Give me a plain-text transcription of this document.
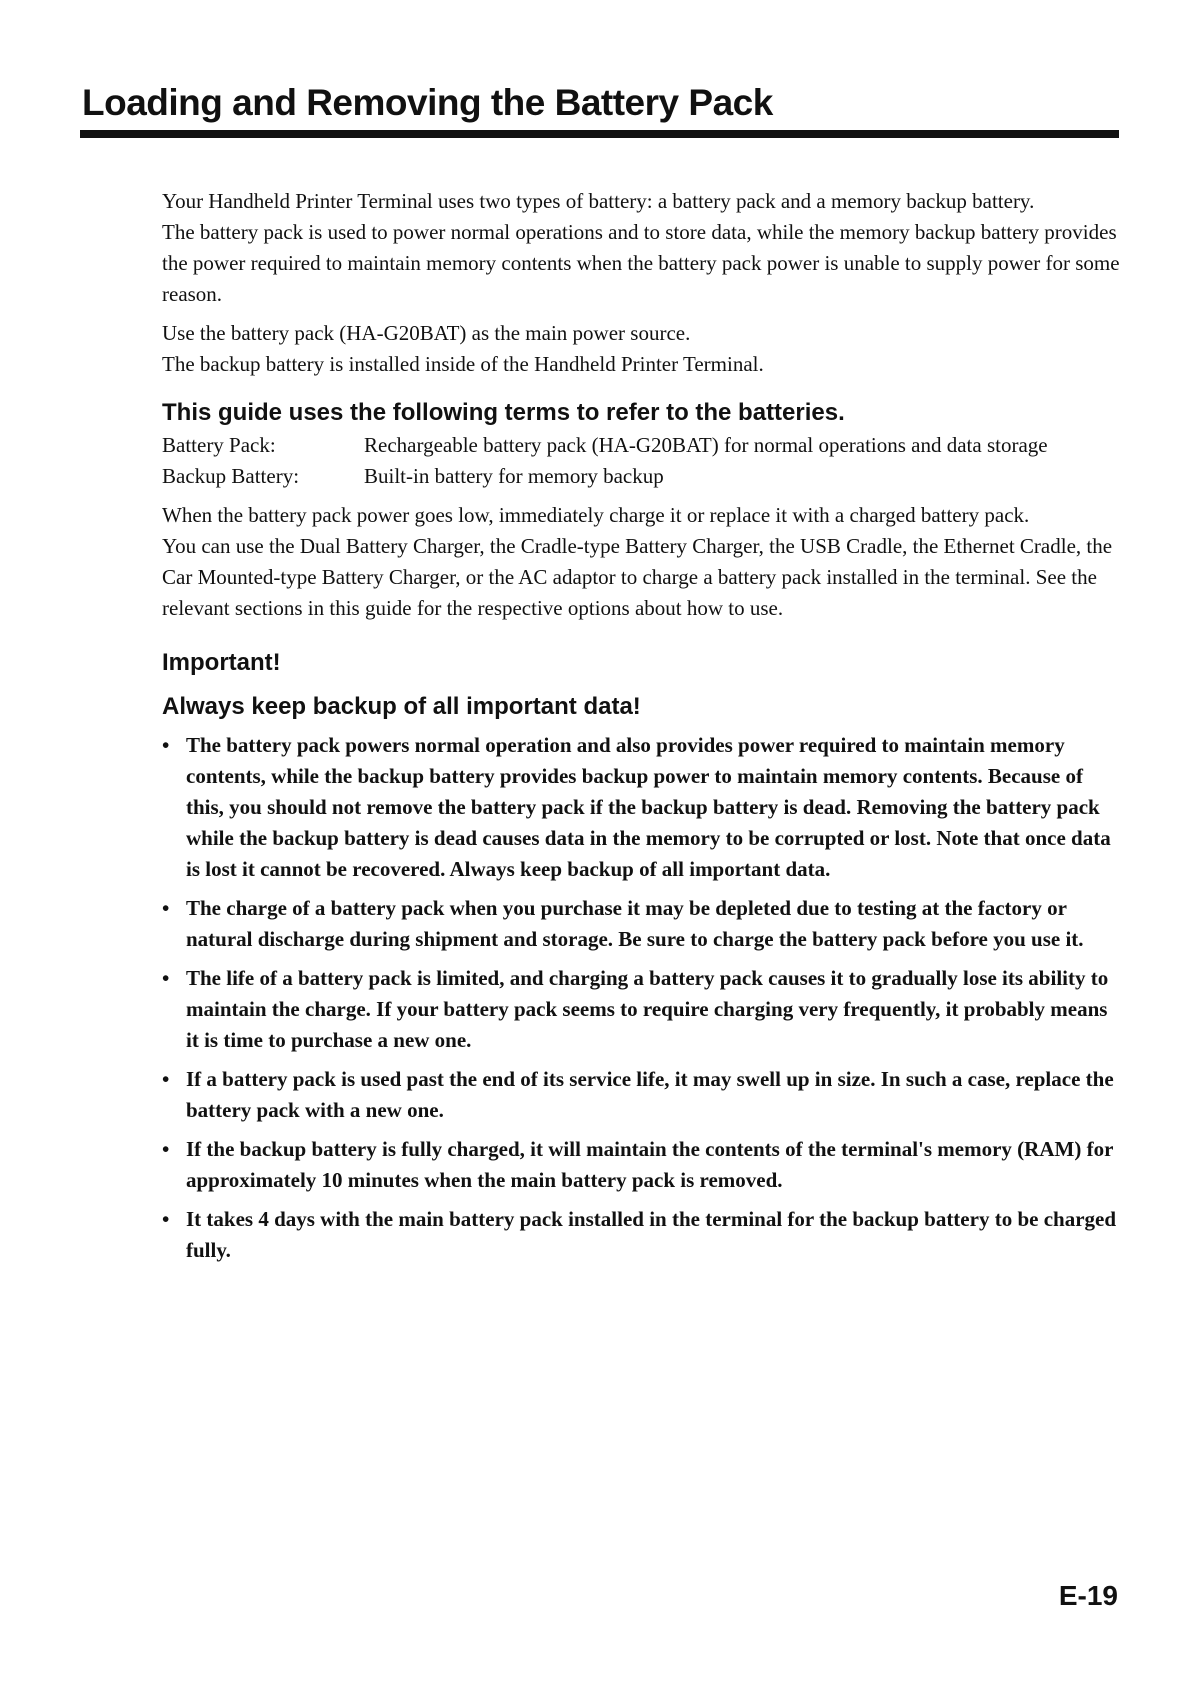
Loading and Removing the Battery Pack

Your Handheld Printer Terminal uses two types of battery: a battery pack and a memory backup battery.
The battery pack is used to power normal operations and to store data, while the memory backup battery provides the power required to maintain memory contents when the battery pack power is unable to supply power for some reason.

Use the battery pack (HA-G20BAT) as the main power source.
The backup battery is installed inside of the Handheld Printer Terminal.

This guide uses the following terms to refer to the batteries.
Battery Pack:	Rechargeable battery pack (HA-G20BAT) for normal operations and data storage
Backup Battery:	Built-in battery for memory backup

When the battery pack power goes low, immediately charge it or replace it with a charged battery pack.
You can use the Dual Battery Charger, the Cradle-type Battery Charger, the USB Cradle, the Ethernet Cradle, the Car Mounted-type Battery Charger, or the AC adaptor to charge a battery pack installed in the terminal. See the relevant sections in this guide for the respective options about how to use.

Important!
Always keep backup of all important data!
• The battery pack powers normal operation and also provides power required to maintain memory contents, while the backup battery provides backup power to maintain memory contents. Because of this, you should not remove the battery pack if the backup battery is dead. Removing the battery pack while the backup battery is dead causes data in the memory to be corrupted or lost. Note that once data is lost it cannot be recovered. Always keep backup of all important data.
• The charge of a battery pack when you purchase it may be depleted due to testing at the factory or natural discharge during shipment and storage. Be sure to charge the battery pack before you use it.
• The life of a battery pack is limited, and charging a battery pack causes it to gradually lose its ability to maintain the charge. If your battery pack seems to require charging very frequently, it probably means it is time to purchase a new one.
• If a battery pack is used past the end of its service life, it may swell up in size. In such a case, replace the battery pack with a new one.
• If the backup battery is fully charged, it will maintain the contents of the terminal's memory (RAM) for approximately 10 minutes when the main battery pack is removed.
• It takes 4 days with the main battery pack installed in the terminal for the backup battery to be charged fully.
E-19
